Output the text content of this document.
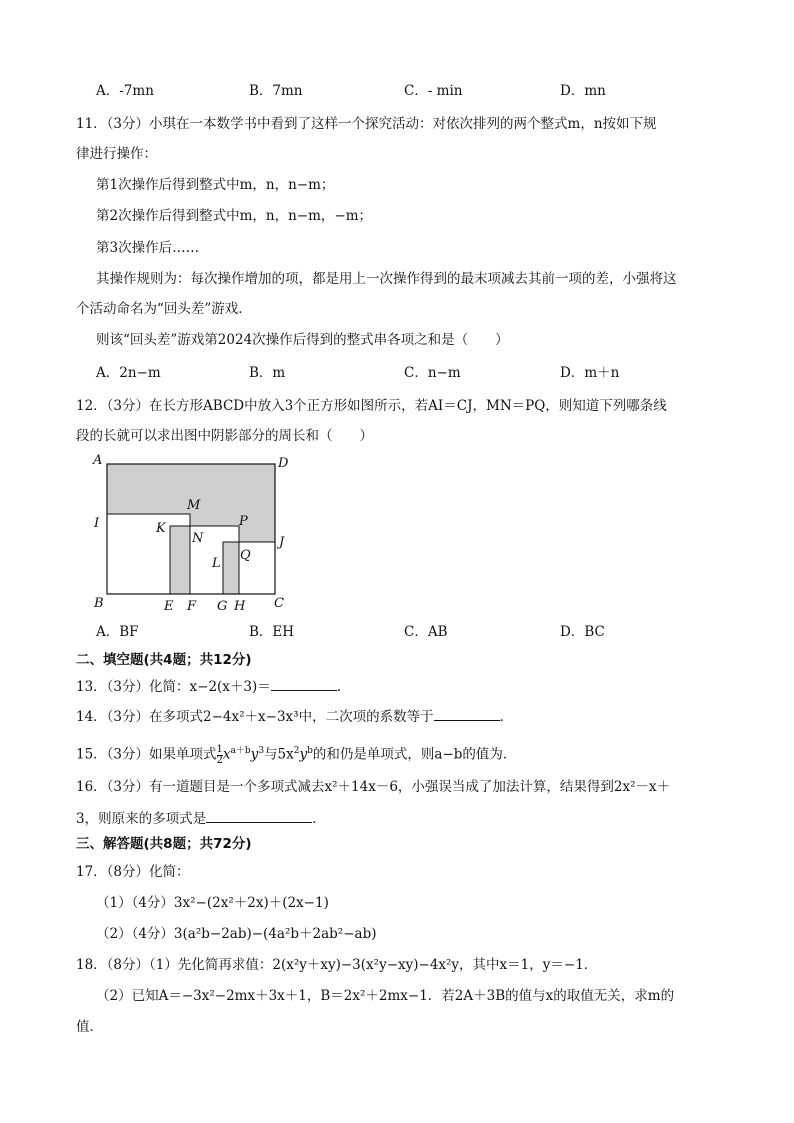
A．-7mn	B．7mn	C．- min	D．mn
11．（3分）小琪在一本数学书中看到了这样一个探究活动：对依次排列的两个整式m，n按如下规
律进行操作：
第1次操作后得到整式中m，n，n−m；
第2次操作后得到整式中m，n，n−m，−m；
第3次操作后……
其操作规则为：每次操作增加的项，都是用上一次操作得到的最末项减去其前一项的差，小强将这
个活动命名为“回头差”游戏．
则该“回头差”游戏第2024次操作后得到的整式串各项之和是（　　）
A．2n−m	B．m	C．n−m	D．m＋n
12．（3分）在长方形ABCD中放入3个正方形如图所示，若AI＝CJ，MN＝PQ，则知道下列哪条线
段的长就可以求出图中阴影部分的周长和（　　）
A	D
M
I	K	P
N	J
Q
L
B	E F G H C
A．BF	B．EH	C．AB	D．BC
二、填空题(共4题；共12分)
13．（3分）化简：x−2(x＋3)＝	.
14．（3分）在多项式2−4x²＋x−3x³中，二次项的系数等于	．
15．（3分）如果单项式 $\frac{1}{2} x^{a+b}y^3$与$5x^2y^b$的和仍是单项式，则a−b的值为．
16．（3分）有一道题目是一个多项式减去x²＋14x－6，小强误当成了加法计算，结果得到2x²－x＋
3，则原来的多项式是	．
三、解答题(共8题；共72分)
17．（8分）化简：
（1）（4分）3x²−(2x²＋2x)＋(2x−1)
（2）（4分）3(a²b−2ab)−(4a²b＋2ab²−ab)
18．（8分）（1）先化简再求值：2(x²y＋xy)−3(x²y−xy)−4x²y，其中x＝1，y＝−1．
（2）已知A＝−3x²−2mx＋3x＋1，B＝2x²＋2mx−1．若2A＋3B的值与x的取值无关，求m的
值．
